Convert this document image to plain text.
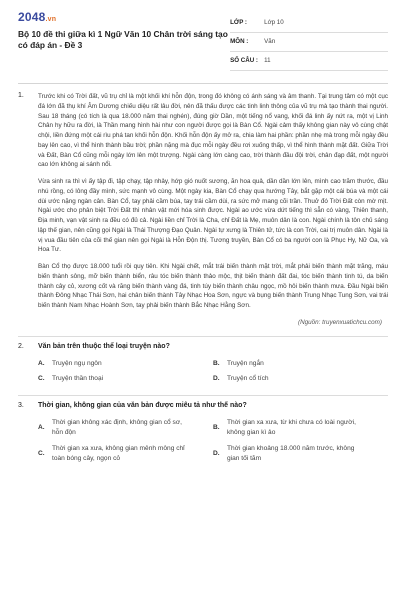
2048.vn
Bộ 10 đề thi giữa kì 1 Ngữ Văn 10 Chân trời sáng tạo có đáp án - Đề 3
LỚP :	Lớp 10
MÔN :	Văn
SỐ CÂU : 11
1.	Trước khi có Trời đất, vũ trụ chỉ là một khối khí hỗn độn, trong đó không có ánh sáng và âm thanh. Tại trung tâm có một cục đá lớn đã thụ khí Âm Dương chiếu diệu rất lâu đời, nên đã thấu được các tinh linh thông của vũ trụ mà tạo thành thai người. Sau 18 tháng (có tích là qua 18.000 năm thai nghén), đúng giờ Dần, một tiếng nổ vang, khối đá linh ấy nứt ra, một vị Linh Chân hy hữu ra đời, là Thần mang hình hài như con người được gọi là Bàn Cổ. Ngài cảm thấy không gian này vô cùng chật chội, liền đứng một cái rìu phá tan khối hỗn độn. Khối hỗn độn ấy mở ra, chia làm hai phần: phần nhẹ mà trong mỗi ngày đều bay lên cao, vì thể hình thành bầu trời; phần nặng mà đục mỗi ngày đều rơi xuống thấp, vì thể hình thành mặt đất. Giữa Trời và Đất, Bàn Cổ cũng mỗi ngày lớn lên một trượng. Ngài càng lớn càng cao, trời thành đầu đội trời, chân đạp đất, một người cao lớn không ai sánh nổi.

Vừa sinh ra thì vì ấy tập đi, tập chạy, tập nhảy, hớp gió nuốt sương, ăn hoa quả, dần dần lớn lên, mình cao trăm thước, đầu nhú rồng, có lông đầy mình, sức mạnh vô cùng. Một ngày kia, Bàn Cổ chạy qua hướng Tây, bắt gặp một cái búa và một cái dùi ước nặng ngàn cân. Bàn Cổ, tay phải cầm búa, tay trái cầm dùi, ra sức mở mang cõi trần. Thuở đó Trời Đất còn mờ mịt. Ngài ước cho phân biệt Trời Đất thì nhân vật mới hóa sinh được. Ngài ao ước vừa dứt tiếng thì sẵn có vàng, Thiên thanh, Địa minh, vạn vật sinh ra đều có đủ cả. Ngài liền chỉ Trời là Cha, chỉ Đất là Mẹ, muôn dân là con. Ngài chính là tôn chủ sáng lập thế gian, nên cũng gọi Ngài là Thái Thượng Đạo Quân. Ngài tự xưng là Thiên tử, tức là con Trời, cai trị muôn dân. Ngài là vị vua đầu tiên của cõi thế gian nên gọi Ngài là Hỗn Độn thị. Tương truyền, Bàn Cổ có ba người con là Phục Hy, Nữ Oa, và Hoa Tư.

Bàn Cổ thọ được 18.000 tuổi rồi quy tiên. Khi Ngài chết, mắt trái biến thành mặt trời, mắt phải biến thành mặt trăng, máu biến thành sông, mỡ biến thành biển, râu tóc biến thành thảo mộc, thịt biến thành đất đai, tóc biến thành tinh tú, da biến thành cây cỏ, xương cốt và răng biến thành vàng đá, tinh túy biến thành châu ngọc, mồ hôi biến thành mưa. Đầu Ngài biến thành Đông Nhạc Thái Sơn, hai chân biến thành Tây Nhạc Hoa Sơn, ngực và bụng biến thành Trung Nhạc Tung Sơn, vai trái biến thành Nam Nhạc Hoành Sơn, tay phải biến thành Bắc Nhạc Hằng Sơn.

(Nguồn: truyenxuatichcu.com)
2.	Văn bản trên thuộc thể loại truyện nào?
A.	Truyện ngụ ngôn	B.	Truyện ngắn
C.	Truyện thần thoại	D.	Truyện cổ tích
3.	Thời gian, không gian của văn bản được miêu tả như thế nào?
A.
Thời gian không xác định, không gian cổ sơ, hỗn độn
B.
Thời gian xa xưa, từ khi chưa có loài người, không gian kì ảo
C.
Thời gian xa xưa, không gian mênh mông chỉ toàn bóng cây, ngọn cỏ
D.
Thời gian khoảng 18.000 năm trước, không gian tối tăm
